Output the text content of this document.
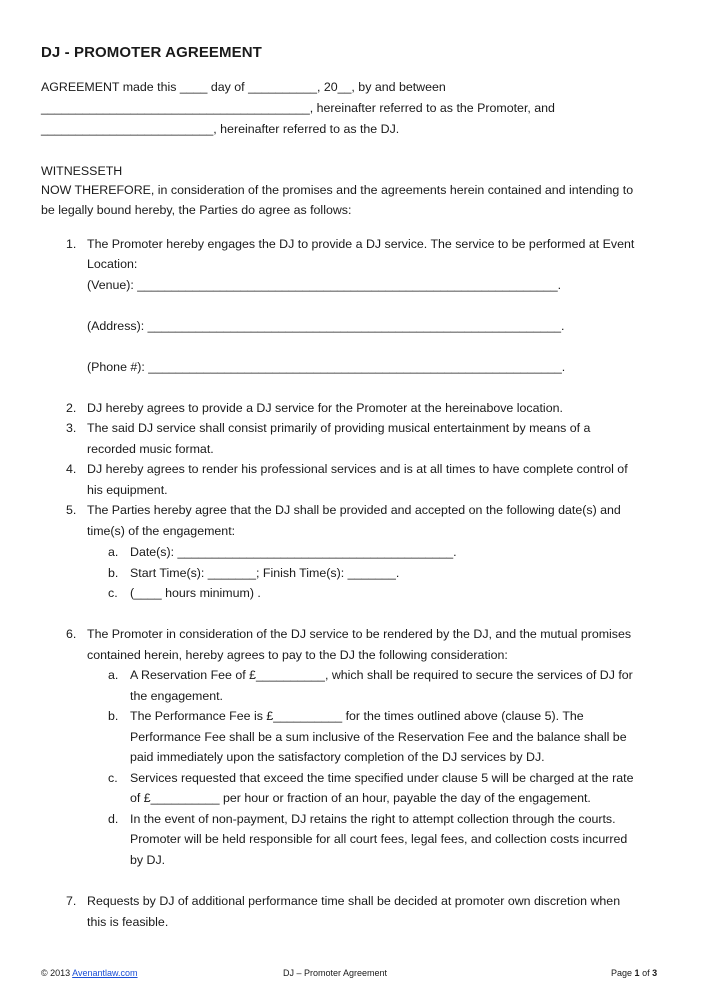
DJ - PROMOTER AGREEMENT
AGREEMENT made this ____ day of __________, 20__, by and between
_______________________________________, hereinafter referred to as the Promoter, and
_________________________, hereinafter referred to as the DJ.
WITNESSETH
NOW THEREFORE, in consideration of the promises and the agreements herein contained and intending to
be legally bound hereby, the Parties do agree as follows:
1. The Promoter hereby engages the DJ to provide a DJ service. The service to be performed at Event
Location:
(Venue): _____________________________________________________________.
(Address): ____________________________________________________________.
(Phone #): ____________________________________________________________.
2. DJ hereby agrees to provide a DJ service for the Promoter at the hereinabove location.
3. The said DJ service shall consist primarily of providing musical entertainment by means of a
recorded music format.
4. DJ hereby agrees to render his professional services and is at all times to have complete control of
his equipment.
5. The Parties hereby agree that the DJ shall be provided and accepted on the following date(s) and
time(s) of the engagement:
a. Date(s): ________________________________________.
b. Start Time(s): _______; Finish Time(s): _______.
c. (____ hours minimum) .
6. The Promoter in consideration of the DJ service to be rendered by the DJ, and the mutual promises
contained herein, hereby agrees to pay to the DJ the following consideration:
a. A Reservation Fee of £__________, which shall be required to secure the services of DJ for
the engagement.
b. The Performance Fee is £__________ for the times outlined above (clause 5). The
Performance Fee shall be a sum inclusive of the Reservation Fee and the balance shall be
paid immediately upon the satisfactory completion of the DJ services by DJ.
c. Services requested that exceed the time specified under clause 5 will be charged at the rate
of £__________ per hour or fraction of an hour, payable the day of the engagement.
d. In the event of non-payment, DJ retains the right to attempt collection through the courts.
Promoter will be held responsible for all court fees, legal fees, and collection costs incurred
by DJ.
7. Requests by DJ of additional performance time shall be decided at promoter own discretion when
this is feasible.
© 2013 Avenantlaw.com	DJ – Promoter Agreement	Page 1 of 3
